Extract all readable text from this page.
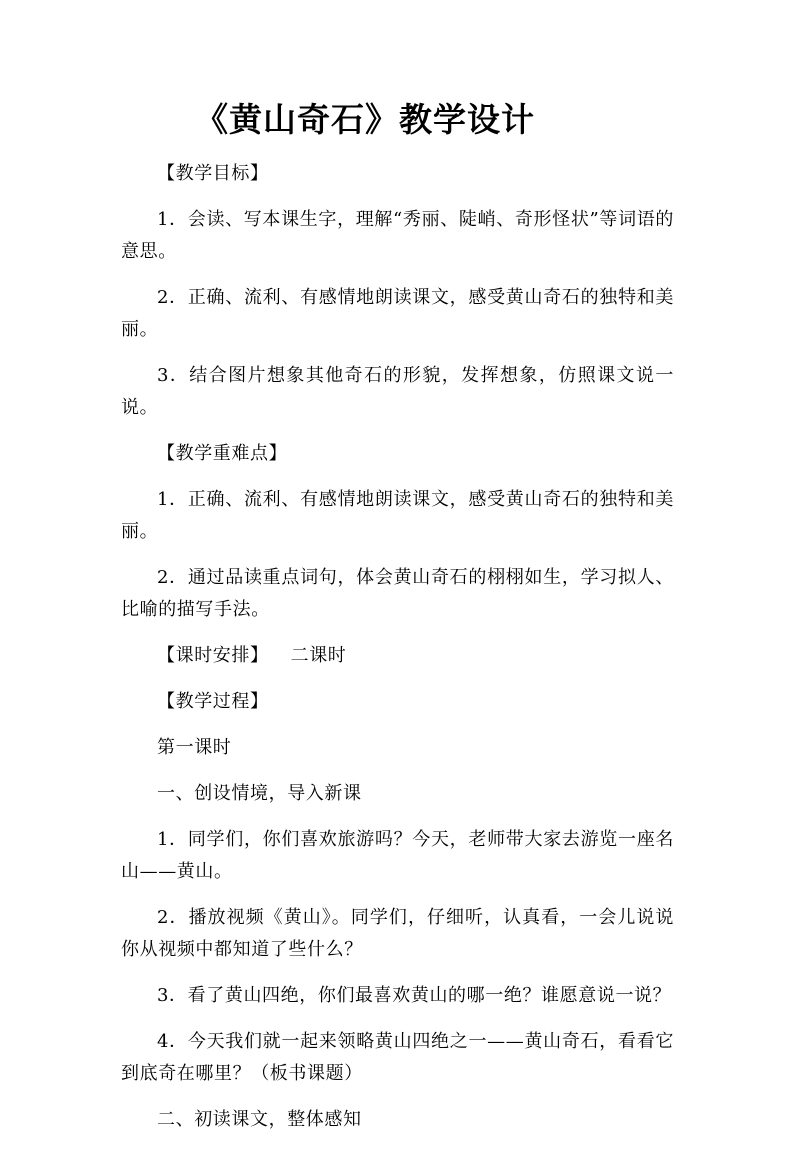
《黄山奇石》教学设计

【教学目标】

1．会读、写本课生字，理解“秀丽、陡峭、奇形怪状”等词语的意思。

2．正确、流利、有感情地朗读课文，感受黄山奇石的独特和美丽。

3．结合图片想象其他奇石的形貌，发挥想象，仿照课文说一说。

【教学重难点】

1．正确、流利、有感情地朗读课文，感受黄山奇石的独特和美丽。

2．通过品读重点词句，体会黄山奇石的栩栩如生，学习拟人、比喻的描写手法。

【课时安排】 二课时

【教学过程】

第一课时

一、创设情境，导入新课

1．同学们，你们喜欢旅游吗？今天，老师带大家去游览一座名山——黄山。

2．播放视频《黄山》。同学们，仔细听，认真看，一会儿说说你从视频中都知道了些什么？

3．看了黄山四绝，你们最喜欢黄山的哪一绝？谁愿意说一说？

4．今天我们就一起来领略黄山四绝之一——黄山奇石，看看它到底奇在哪里？（板书课题）

二、初读课文，整体感知
